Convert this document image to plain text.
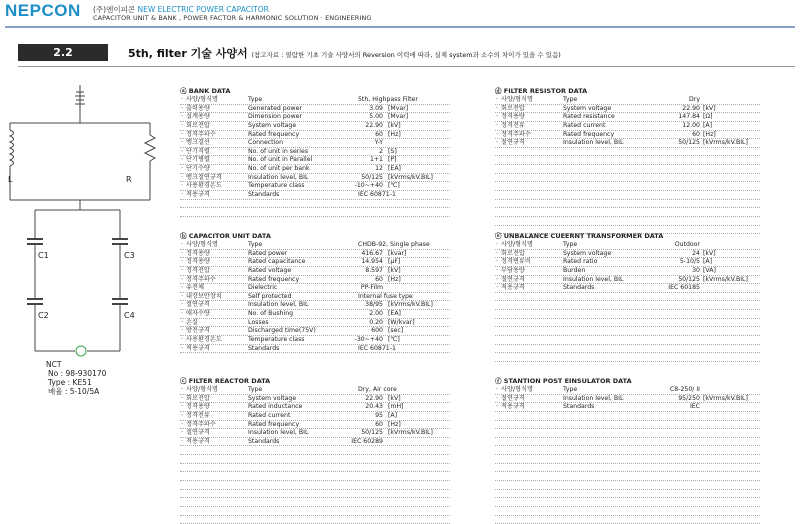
NEPCON (주)엔이피콘 NEW ELECTRIC POWER CAPACITOR
CAPACITOR UNIT & BANK , POWER FACTOR & HARMONIC SOLUTION · ENGINEERING
2.2	5th, filter 기술 사양서 (참고자료 : 열람한 기초 기술 사양서의 Reversion 이력에 따라, 실제 system과 소수의 차이가 있을 수 있음)
L	R
C1	C3
C2	C4
NCT
No : 98-930170
Type : KE51
배율 : 5-10/5A
ⓐ BANK DATA
· 사양/형식명	Type	5th, Highpass Filter
· 출력용량	Generated power	3.09 [Mvar]
· 설계용량	Dimension power	5.00 [Mvar]
· 회로전압	System voltage	22.90 [kV]
· 정격주파수	Rated frequency	60 [Hz]
· 뱅크결선	Connection	Y-Y
· 단기직렬	No. of unit in series	2 [S]
· 단기병렬	No. of unit in Parallel	1+1 [P]
· 단기수량	No. of unit per bank	12 [EA]
· 뱅크절연규격	Insulation level, BIL	50/125 [kVrms/kV.BIL]
· 사용환경온도	Temperature class	-10~+40 [℃]
· 적용규격	Standards	IEC 60871-1
ⓑ CAPACITOR UNIT DATA
· 사양/형식명	Type	CHDB-92, Single phase
· 정격용량	Rated power	416.67 [kvar]
· 정격용량	Rated capacitance	14.954 [μF]
· 정격전압	Rated voltage	8.597 [kV]
· 정격주파수	Rated frequency	60 [Hz]
· 유전체	Dielectric	PP-Film
· 내장보안장치	Self protected	Internal fuse type
· 절연규격	Insulation level, BIL	38/95 [kVrms/kV.BIL]
· 애자수량	No. of Bushing	2.00 [EA]
· 손실	Losses	0.20 [W/kvar]
· 방전규격	Discharged time(75V)	600 [sec]
· 사용환경온도	Temperature class	-30~+40 [℃]
· 적용규격	Standards	IEC 60871-1
ⓒ FILTER REACTOR DATA
· 사양/형식명	Type	Dry, Air core
· 회로전압	System voltage	22.90 [kV]
· 정격용량	Rated inductance	20.43 [mH]
· 정격전류	Rated current	95 [A]
· 정격주파수	Rated frequency	60 [Hz]
· 절연규격	Insulation level, BIL	50/125 [kVrms/kV.BIL]
· 적용규격	Standards	IEC 60289
ⓓ FILTER RESISTOR DATA
· 사양/형식명	Type	Dry
· 회로전압	System voltage	22.90 [kV]
· 정격용량	Rated resistance	147.84 [Ω]
· 정격전류	Rated current	12.00 [A]
· 정격주파수	Rated frequency	60 [Hz]
· 절연규격	Insulation level, BIL	50/125 [kVrms/kV.BIL]
ⓔ UNBALANCE CUEERNT TRANSFORMER DATA
· 사양/형식명	Type	Outdoor
· 회로전압	System voltage	24 [kV]
· 정격변류비	Rated ratio	5-10/5 [A]
· 부담용량	Burden	30 [VA]
· 절연규격	Insulation level, BIL	50/125 [kVrms/kV.BIL]
· 적용규격	Standards	IEC 60185
ⓕ STANTION POST EINSULATOR DATA
· 사양/형식명	Type	C8-250/ II
· 절연규격	Insulation level, BIL	95/250 [kVrms/kV.BIL]
· 적용규격	Standards	IEC
